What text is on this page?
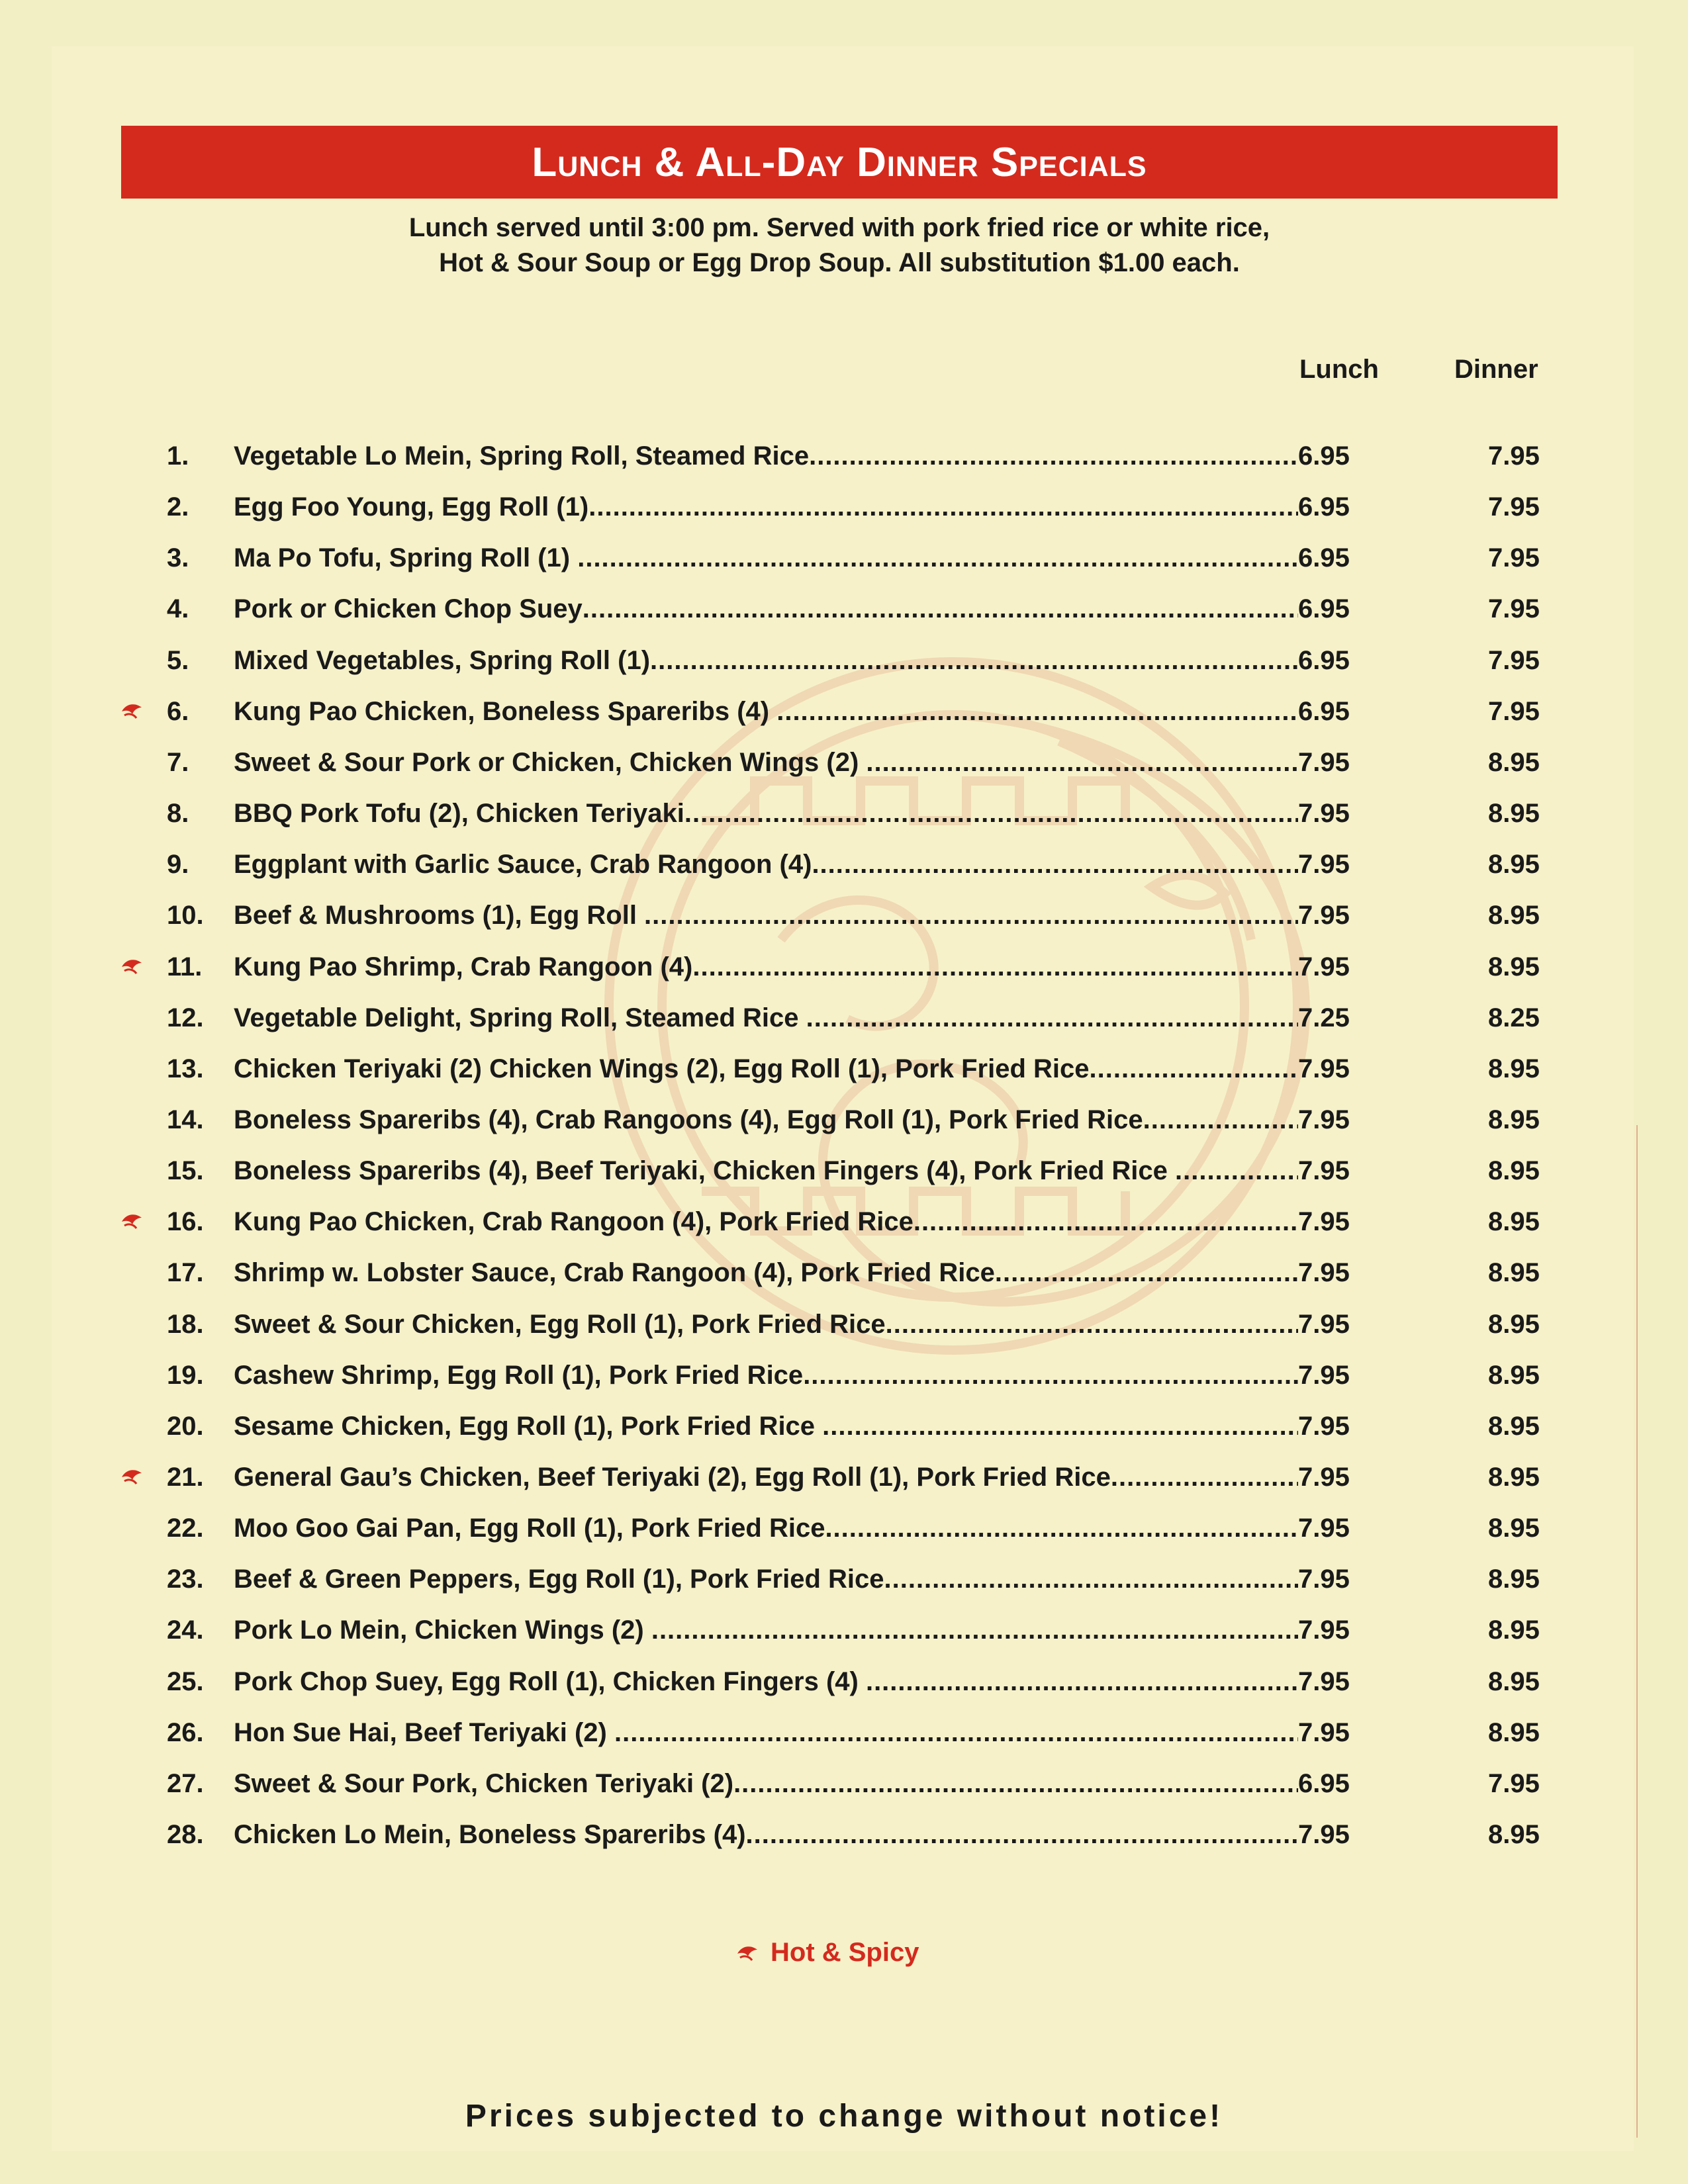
Lunch & All-Day Dinner Specials
Lunch served until 3:00 pm. Served with pork fried rice or white rice,
Hot & Sour Soup or Egg Drop Soup. All substitution $1.00 each.
Lunch	Dinner
1. Vegetable Lo Mein, Spring Roll, Steamed Rice .....	6.95	7.95
2. Egg Foo Young, Egg Roll (1) .....	6.95	7.95
3. Ma Po Tofu, Spring Roll (1) .....	6.95	7.95
4. Pork or Chicken Chop Suey .....	6.95	7.95
5. Mixed Vegetables, Spring Roll (1) .....	6.95	7.95
6. Kung Pao Chicken, Boneless Spareribs (4) .....	6.95	7.95
7. Sweet & Sour Pork or Chicken, Chicken Wings (2) .....	7.95	8.95
8. BBQ Pork Tofu (2), Chicken Teriyaki .....	7.95	8.95
9. Eggplant with Garlic Sauce, Crab Rangoon (4) .....	7.95	8.95
10. Beef & Mushrooms (1), Egg Roll .....	7.95	8.95
11. Kung Pao Shrimp, Crab Rangoon (4) .....	7.95	8.95
12. Vegetable Delight, Spring Roll, Steamed Rice .....	7.25	8.25
13. Chicken Teriyaki (2) Chicken Wings (2), Egg Roll (1), Pork Fried Rice .....	7.95	8.95
14. Boneless Spareribs (4), Crab Rangoons (4), Egg Roll (1), Pork Fried Rice .....	7.95	8.95
15. Boneless Spareribs (4), Beef Teriyaki, Chicken Fingers (4), Pork Fried Rice .....	7.95	8.95
16. Kung Pao Chicken, Crab Rangoon (4), Pork Fried Rice .....	7.95	8.95
17. Shrimp w. Lobster Sauce, Crab Rangoon (4), Pork Fried Rice .....	7.95	8.95
18. Sweet & Sour Chicken, Egg Roll (1), Pork Fried Rice .....	7.95	8.95
19. Cashew Shrimp, Egg Roll (1), Pork Fried Rice .....	7.95	8.95
20. Sesame Chicken, Egg Roll (1), Pork Fried Rice .....	7.95	8.95
21. General Gau’s Chicken, Beef Teriyaki (2), Egg Roll (1), Pork Fried Rice .....	7.95	8.95
22. Moo Goo Gai Pan, Egg Roll (1), Pork Fried Rice .....	7.95	8.95
23. Beef & Green Peppers, Egg Roll (1), Pork Fried Rice .....	7.95	8.95
24. Pork Lo Mein, Chicken Wings (2) .....	7.95	8.95
25. Pork Chop Suey, Egg Roll (1), Chicken Fingers (4) .....	7.95	8.95
26. Hon Sue Hai, Beef Teriyaki (2) .....	7.95	8.95
27. Sweet & Sour Pork, Chicken Teriyaki (2) .....	6.95	7.95
28. Chicken Lo Mein, Boneless Spareribs (4) .....	7.95	8.95
Hot & Spicy
Prices subjected to change without notice!
